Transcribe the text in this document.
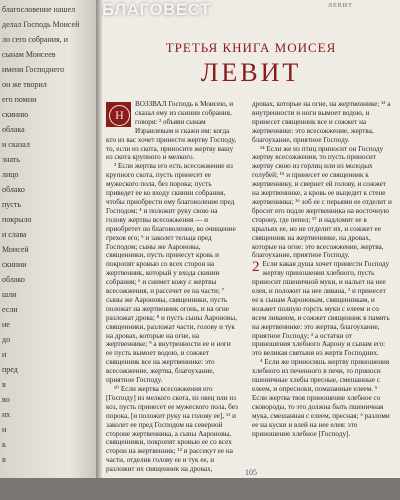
благословение нашел
делал Господь Моисей
ло сего собрания, и
сынам Моисеев
имени Господнего
он же творил
его помни
скинию
облака
и сказал
знать
лицо
облако
пусть
покрыло
и слава
Моисей
скинии
облако
шли
если
не
до
и
пред
в
во
их
и
к
в
БЛАГОВЕСТ	ЛЕВИТ
ТРЕТЬЯ КНИГА МОИСЕЯ
ЛЕВИТ

Н
ВОЗЗВАЛ Господь к Моисею, и сказал ему из скинии собрания, говоря: ² объяви сынам Израилевым и скажи им: когда кто из вас хочет принести жертву Господу, то, если из скота, приносите жертву вашу из скота крупного и мелкого.

³ Если жертва его есть всесожжение из крупного скота, пусть принесет ее мужеского пола, без порока; пусть приведет ее ко входу скинии собрания, чтобы приобрести ему благоволение пред Господом; ⁴ и положит руку свою на голову жертвы всесожжения — и приобретет он благоволение, во очищение грехов его; ⁵ и заколет тельца пред Господом; сыны же Аароновы, священники, пусть принесут кровь и покропят кровью со всех сторон на жертвенник, который у входа скинии собрания; ⁶ и снимет кожу с жертвы всесожжения, и рассечет ее на части; ⁷ сыны же Аароновы, священники, пусть положат на жертвенник огонь, и на огне разложат дрова; ⁸ и пусть сыны Аароновы, священники, разложат части, голову и тук на дровах, которые на огне, на жертвеннике; ⁹ а внутренности ее и ноги ее пусть вымоет водою, и сожжет священник все на жертвеннике: это всесожжение, жертва, благоухание, приятное Господу.

¹⁰ Если жертва всесожжения его [Господу] из мелкого скота, из овец или из коз, пусть принесет ее мужеского пола, без порока, [и положит руку на голову ее], ¹¹ и заколет ее пред Господом на северной стороне жертвенника, а сыны Аароновы, священники, покропят кровью ее со всех сторон на жертвенник; ¹² и рассекут ее на части, отделив голову ее и тук ее, и разложит их священник на дровах,

дровах, которые на огне, на жертвеннике; ¹³ а внутренности и ноги вымоет водою, и принесет священник все и сожжет на жертвеннике: это всесожжение, жертва, благоухание, приятное Господу.

¹⁴ Если же из птиц приносит он Господу жертву всесожжения, то пусть приносит жертву свою из горлиц или из молодых голубей; ¹⁵ и принесет ее священник к жертвеннику, и свернет ей голову, и сожжет на жертвеннике, а кровь ее выцедит к стене жертвенника; ¹⁶ зоб ее с перьями ее отделит и бросит его подле жертвенника на восточную сторону, где пепел; ¹⁷ и надломит ее в крыльях ее, но не отделит их, и сожжет ее священник на жертвеннике, на дровах, которые на огне: это всесожжение, жертва, благоухание, приятное Господу.

2 Если какая душа хочет принести Господу жертву приношения хлебного, пусть приносит пшеничной муки, и нальет на нее елея, и положит на нее ливана, ² и принесет ее к сынам Аароновым, священникам, и возьмет полную горсть муки с елеем и со всем ливаном, и сожжет священник в память на жертвеннике: это жертва, благоухание, приятное Господу; ³ а остатки от приношения хлебного Аарону и сынам его: это великая святыня из жертв Господних.

⁴ Если же приносишь жертву приношения хлебного из печенного в печи, то приноси пшеничные хлебы пресные, смешанные с елеем, и опресноки, помазанные елеем. ⁵ Если жертва твоя приношение хлебное со сковороды, то это должна быть пшеничная мука, смешанная с елеем, пресная; ⁶ разломи ее на куски и влей на нее елея: это приношение хлебное [Господу].

105
